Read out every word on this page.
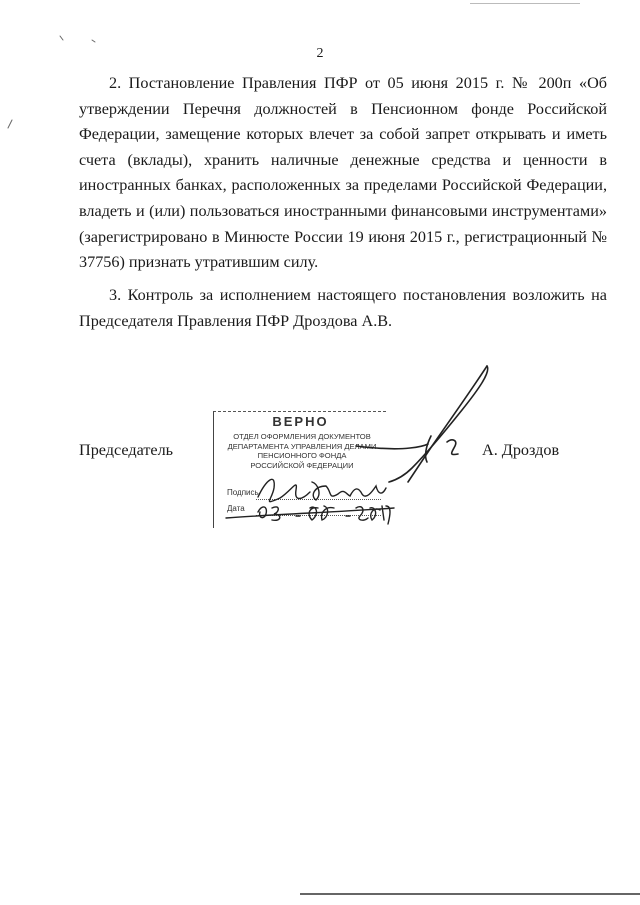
2

2. Постановление Правления ПФР от 05 июня 2015 г. № 200п «Об утверждении Перечня должностей в Пенсионном фонде Российской Федерации, замещение которых влечет за собой запрет открывать и иметь счета (вклады), хранить наличные денежные средства и ценности в иностранных банках, расположенных за пределами Российской Федерации, владеть и (или) пользоваться иностранными финансовыми инструментами» (зарегистрировано в Минюсте России 19 июня 2015 г., регистрационный № 37756) признать утратившим силу.

3. Контроль за исполнением настоящего постановления возложить на Председателя Правления ПФР Дроздова А.В.

Председатель	А. Дроздов
ВЕРНО
ОТДЕЛ ОФОРМЛЕНИЯ ДОКУМЕНТОВ
ДЕПАРТАМЕНТА УПРАВЛЕНИЯ ДЕЛАМИ
ПЕНСИОННОГО ФОНДА
РОССИЙСКОЙ ФЕДЕРАЦИИ
Подпись
Дата
